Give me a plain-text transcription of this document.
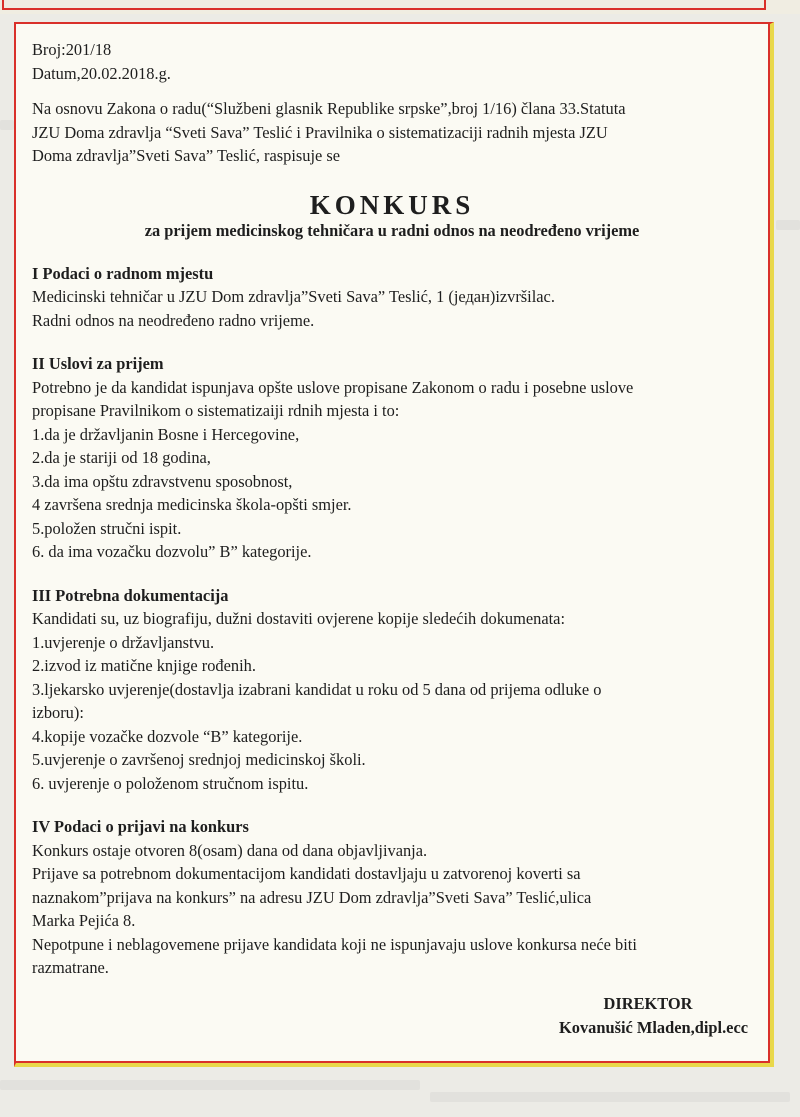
Broj:201/18
Datum,20.02.2018.g.
Na osnovu Zakona o radu(“Službeni glasnik Republike srpske”,broj 1/16) člana 33.Statuta
JZU Doma zdravlja “Sveti Sava” Teslić i Pravilnika o sistematizaciji radnih mjesta JZU
Doma zdravlja”Sveti Sava” Teslić, raspisuje se
KONKURS
za prijem medicinskog tehničara u radni odnos na neodređeno vrijeme
I Podaci o radnom mjestu
Medicinski tehničar u JZU Dom zdravlja”Sveti Sava” Teslić, 1 (један)izvršilac.
Radni odnos na neodređeno radno vrijeme.
II Uslovi za prijem
Potrebno je da kandidat ispunjava opšte uslove propisane Zakonom o radu i posebne uslove
propisane Pravilnikom o sistematizaiji rdnih mjesta i to:
1.da je državljanin Bosne i Hercegovine,
2.da je stariji od 18 godina,
3.da ima opštu zdravstvenu sposobnost,
4 završena srednja medicinska škola-opšti smjer.
5.položen stručni ispit.
6. da ima vozačku dozvolu” B” kategorije.
III Potrebna dokumentacija
Kandidati su, uz biografiju, dužni dostaviti ovjerene kopije sledećih dokumenata:
1.uvjerenje o državljanstvu.
2.izvod iz matične knjige rođenih.
3.ljekarsko uvjerenje(dostavlja izabrani kandidat u roku od 5 dana od prijema odluke o
izboru):
4.kopije vozačke dozvole “B” kategorije.
5.uvjerenje o završenoj srednjoj medicinskoj školi.
6. uvjerenje o položenom stručnom ispitu.
IV Podaci o prijavi na konkurs
Konkurs ostaje otvoren 8(osam) dana od dana objavljivanja.
Prijave sa potrebnom dokumentacijom kandidati dostavljaju u zatvorenoj koverti sa
naznakom”prijava na konkurs” na adresu JZU Dom zdravlja”Sveti Sava” Teslić,ulica
Marka Pejića 8.
Nepotpune i neblagovemene prijave kandidata koji ne ispunjavaju uslove konkursa neće biti
razmatrane.
DIREKTOR
Kovanušić Mladen,dipl.ecc
